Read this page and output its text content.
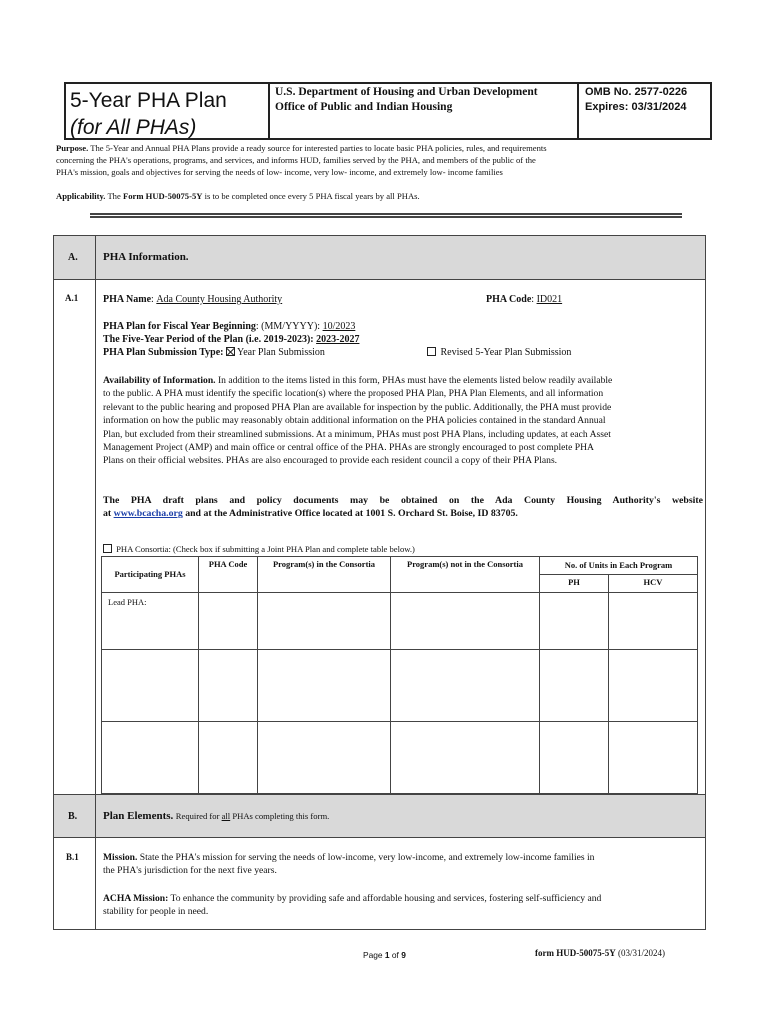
5-Year PHA Plan
(for All PHAs)
U.S. Department of Housing and Urban Development
Office of Public and Indian Housing
OMB No. 2577-0226
Expires: 03/31/2024
Purpose. The 5-Year and Annual PHA Plans provide a ready source for interested parties to locate basic PHA policies, rules, and requirements
concerning the PHA's operations, programs, and services, and informs HUD, families served by the PHA, and members of the public of the
PHA's mission, goals and objectives for serving the needs of low- income, very low- income, and extremely low- income families
Applicability. The Form HUD-50075-5Y is to be completed once every 5 PHA fiscal years by all PHAs.
A. PHA Information.
A.1 PHA Name: Ada County Housing Authority	PHA Code: ID021
PHA Plan for Fiscal Year Beginning: (MM/YYYY): 10/2023
The Five-Year Period of the Plan (i.e. 2019-2023): 2023-2027
PHA Plan Submission Type: Year Plan Submission	Revised 5-Year Plan Submission
Availability of Information. In addition to the items listed in this form, PHAs must have the elements listed below readily available
to the public. A PHA must identify the specific location(s) where the proposed PHA Plan, PHA Plan Elements, and all information
relevant to the public hearing and proposed PHA Plan are available for inspection by the public. Additionally, the PHA must provide
information on how the public may reasonably obtain additional information on the PHA policies contained in the standard Annual
Plan, but excluded from their streamlined submissions. At a minimum, PHAs must post PHA Plans, including updates, at each Asset
Management Project (AMP) and main office or central office of the PHA. PHAs are strongly encouraged to post complete PHA
Plans on their official websites. PHAs are also encouraged to provide each resident council a copy of their PHA Plans.
The PHA draft plans and policy documents may be obtained on the Ada County Housing Authority's website
at www.bcacha.org and at the Administrative Office located at 1001 S. Orchard St. Boise, ID 83705.
PHA Consortia: (Check box if submitting a Joint PHA Plan and complete table below.)
Participating PHAs	PHA Code	Program(s) in the Consortia	Program(s) not in the Consortia	No. of Units in Each Program	
				PH	HCV
Lead PHA:					

B. Plan Elements. Required for all PHAs completing this form.
B.1	Mission. State the PHA's mission for serving the needs of low-income, very low-income, and extremely low-income families in
the PHA's jurisdiction for the next five years.
ACHA Mission: To enhance the community by providing safe and affordable housing and services, fostering self-sufficiency and
stability for people in need.
Page 1 of 9	form HUD-50075-5Y (03/31/2024)
